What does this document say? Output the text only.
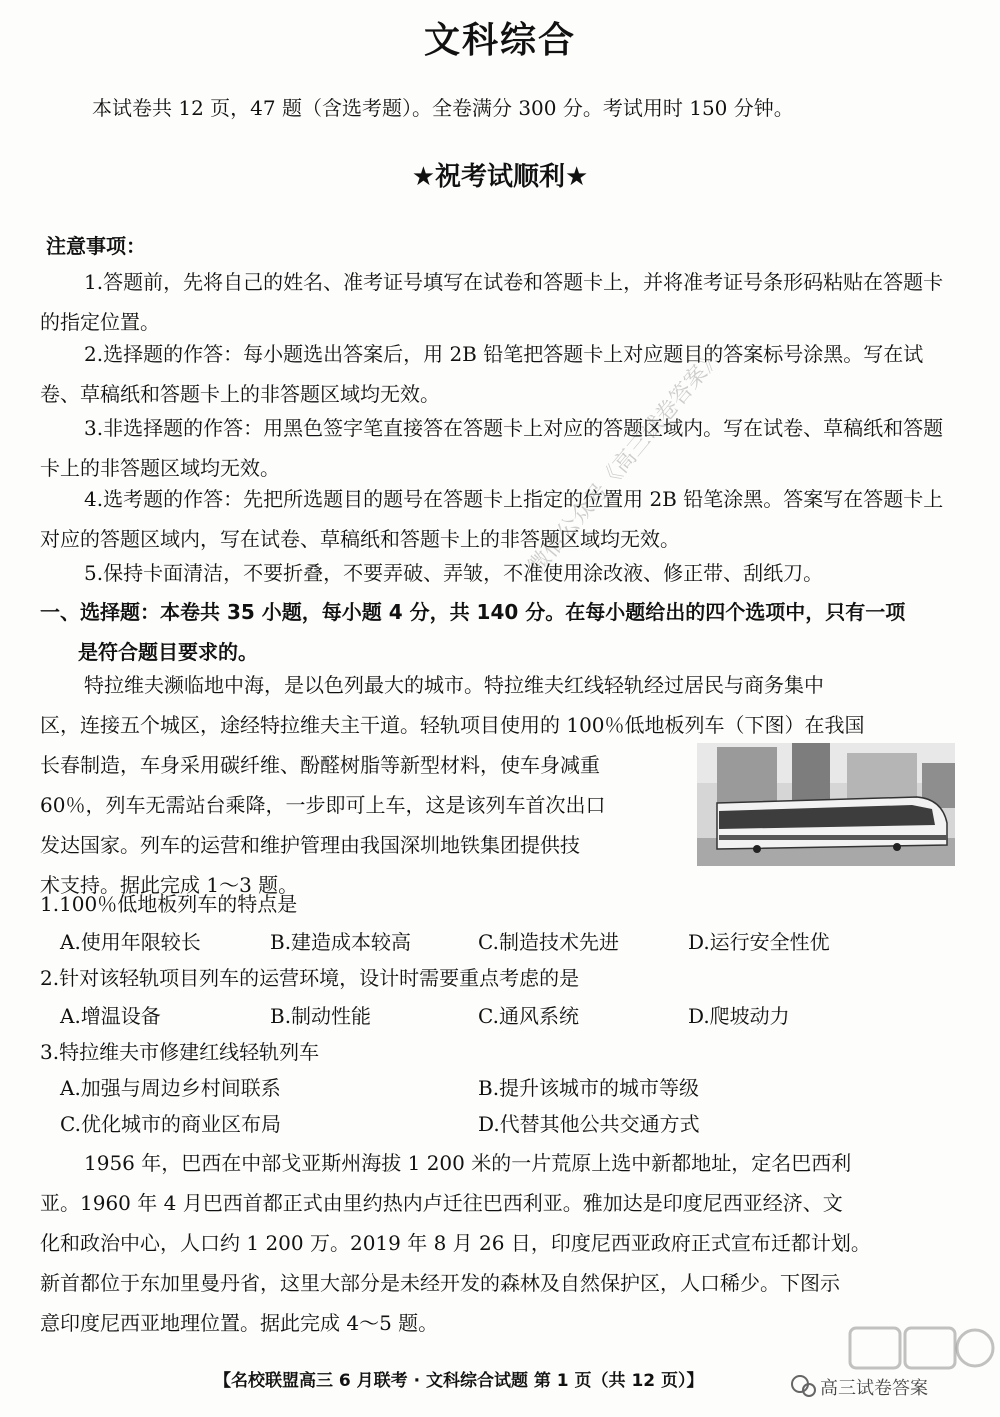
文科综合
本试卷共 12 页，47 题（含选考题）。全卷满分 300 分。考试用时 150 分钟。
★祝考试顺利★
注意事项：
1.答题前，先将自己的姓名、准考证号填写在试卷和答题卡上，并将准考证号条形码粘贴在答题卡的指定位置。
2.选择题的作答：每小题选出答案后，用 2B 铅笔把答题卡上对应题目的答案标号涂黑。写在试卷、草稿纸和答题卡上的非答题区域均无效。
3.非选择题的作答：用黑色签字笔直接答在答题卡上对应的答题区域内。写在试卷、草稿纸和答题卡上的非答题区域均无效。
4.选考题的作答：先把所选题目的题号在答题卡上指定的位置用 2B 铅笔涂黑。答案写在答题卡上对应的答题区域内，写在试卷、草稿纸和答题卡上的非答题区域均无效。
5.保持卡面清洁，不要折叠，不要弄破、弄皱，不准使用涂改液、修正带、刮纸刀。
一、选择题：本卷共 35 小题，每小题 4 分，共 140 分。在每小题给出的四个选项中，只有一项
是符合题目要求的。
特拉维夫濒临地中海，是以色列最大的城市。特拉维夫红线轻轨经过居民与商务集中
区，连接五个城区，途经特拉维夫主干道。轻轨项目使用的 100％低地板列车（下图）在我国
长春制造，车身采用碳纤维、酚醛树脂等新型材料，使车身减重
60％，列车无需站台乘降，一步即可上车，这是该列车首次出口
发达国家。列车的运营和维护管理由我国深圳地铁集团提供技
术支持。据此完成 1～3 题。
1.100％低地板列车的特点是
A.使用年限较长	B.建造成本较高	C.制造技术先进	D.运行安全性优
2.针对该轻轨项目列车的运营环境，设计时需要重点考虑的是
A.增温设备	B.制动性能	C.通风系统	D.爬坡动力
3.特拉维夫市修建红线轻轨列车
A.加强与周边乡村间联系	B.提升该城市的城市等级
C.优化城市的商业区布局	D.代替其他公共交通方式
1956 年，巴西在中部戈亚斯州海拔 1 200 米的一片荒原上选中新都地址，定名巴西利
亚。1960 年 4 月巴西首都正式由里约热内卢迁往巴西利亚。雅加达是印度尼西亚经济、文
化和政治中心，人口约 1 200 万。2019 年 8 月 26 日，印度尼西亚政府正式宣布迁都计划。
新首都位于东加里曼丹省，这里大部分是未经开发的森林及自然保护区，人口稀少。下图示
意印度尼西亚地理位置。据此完成 4～5 题。
【名校联盟高三 6 月联考 · 文科综合试题 第 1 页（共 12 页）】
微信公众号《高三试卷答案》
高三试卷答案
